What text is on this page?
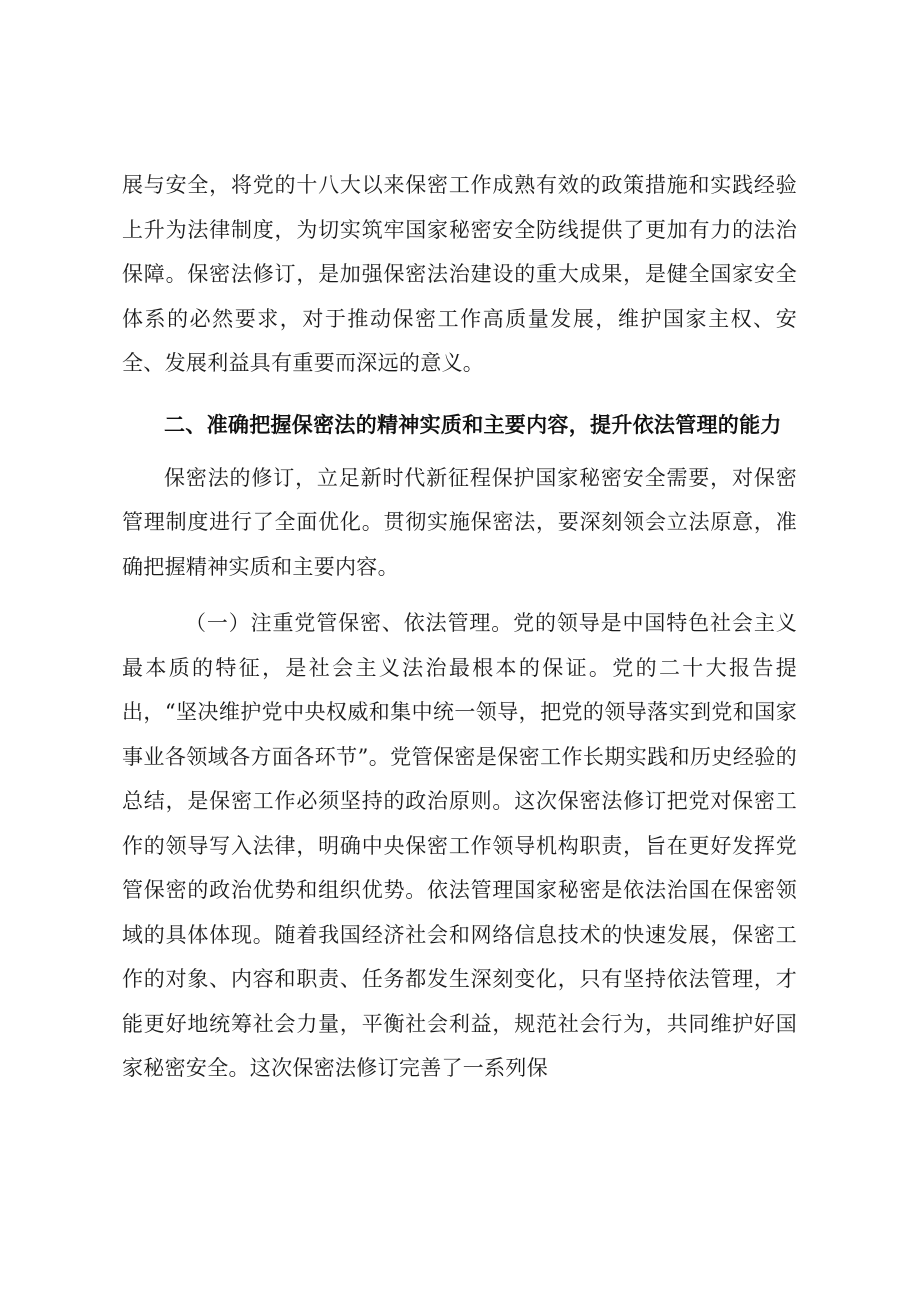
展与安全，将党的十八大以来保密工作成熟有效的政策措施和实践经验上升为法律制度，为切实筑牢国家秘密安全防线提供了更加有力的法治保障。保密法修订，是加强保密法治建设的重大成果，是健全国家安全体系的必然要求，对于推动保密工作高质量发展，维护国家主权、安全、发展利益具有重要而深远的意义。

二、准确把握保密法的精神实质和主要内容，提升依法管理的能力

保密法的修订，立足新时代新征程保护国家秘密安全需要，对保密管理制度进行了全面优化。贯彻实施保密法，要深刻领会立法原意，准确把握精神实质和主要内容。

（一）注重党管保密、依法管理。党的领导是中国特色社会主义最本质的特征，是社会主义法治最根本的保证。党的二十大报告提出，“坚决维护党中央权威和集中统一领导，把党的领导落实到党和国家事业各领域各方面各环节”。党管保密是保密工作长期实践和历史经验的总结，是保密工作必须坚持的政治原则。这次保密法修订把党对保密工作的领导写入法律，明确中央保密工作领导机构职责，旨在更好发挥党管保密的政治优势和组织优势。依法管理国家秘密是依法治国在保密领域的具体体现。随着我国经济社会和网络信息技术的快速发展，保密工作的对象、内容和职责、任务都发生深刻变化，只有坚持依法管理，才能更好地统筹社会力量，平衡社会利益，规范社会行为，共同维护好国家秘密安全。这次保密法修订完善了一系列保
